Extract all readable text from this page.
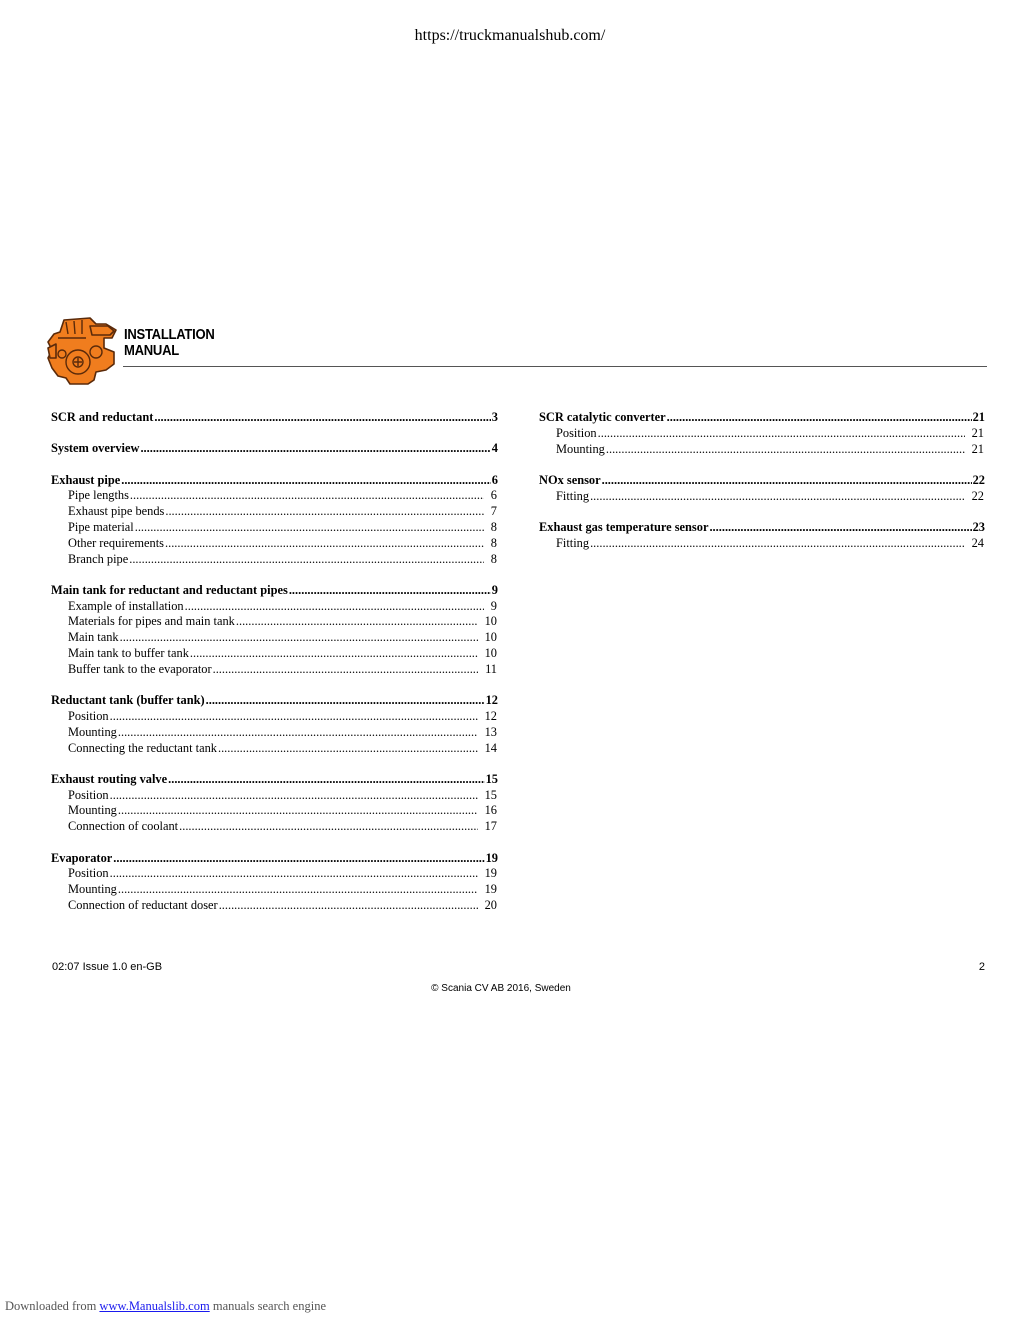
https://truckmanualshub.com/
INSTALLATION
MANUAL
SCR and reductant .....	3
System overview .....	4
Exhaust pipe .....	6
Pipe lengths .....	6
Exhaust pipe bends .....	7
Pipe material .....	8
Other requirements .....	8
Branch pipe .....	8
Main tank for reductant and reductant pipes .....	9
Example of installation .....	9
Materials for pipes and main tank .....	10
Main tank .....	10
Main tank to buffer tank .....	10
Buffer tank to the evaporator .....	11
Reductant tank (buffer tank) .....	12
Position .....	12
Mounting .....	13
Connecting the reductant tank .....	14
Exhaust routing valve .....	15
Position .....	15
Mounting .....	16
Connection of coolant .....	17
Evaporator .....	19
Position .....	19
Mounting .....	19
Connection of reductant doser .....	20
SCR catalytic converter .....	21
Position .....	21
Mounting .....	21
NOx sensor .....	22
Fitting .....	22
Exhaust gas temperature sensor .....	23
Fitting .....	24
02:07 Issue 1.0 en-GB	2
© Scania CV AB 2016, Sweden
Downloaded from www.Manualslib.com manuals search engine
